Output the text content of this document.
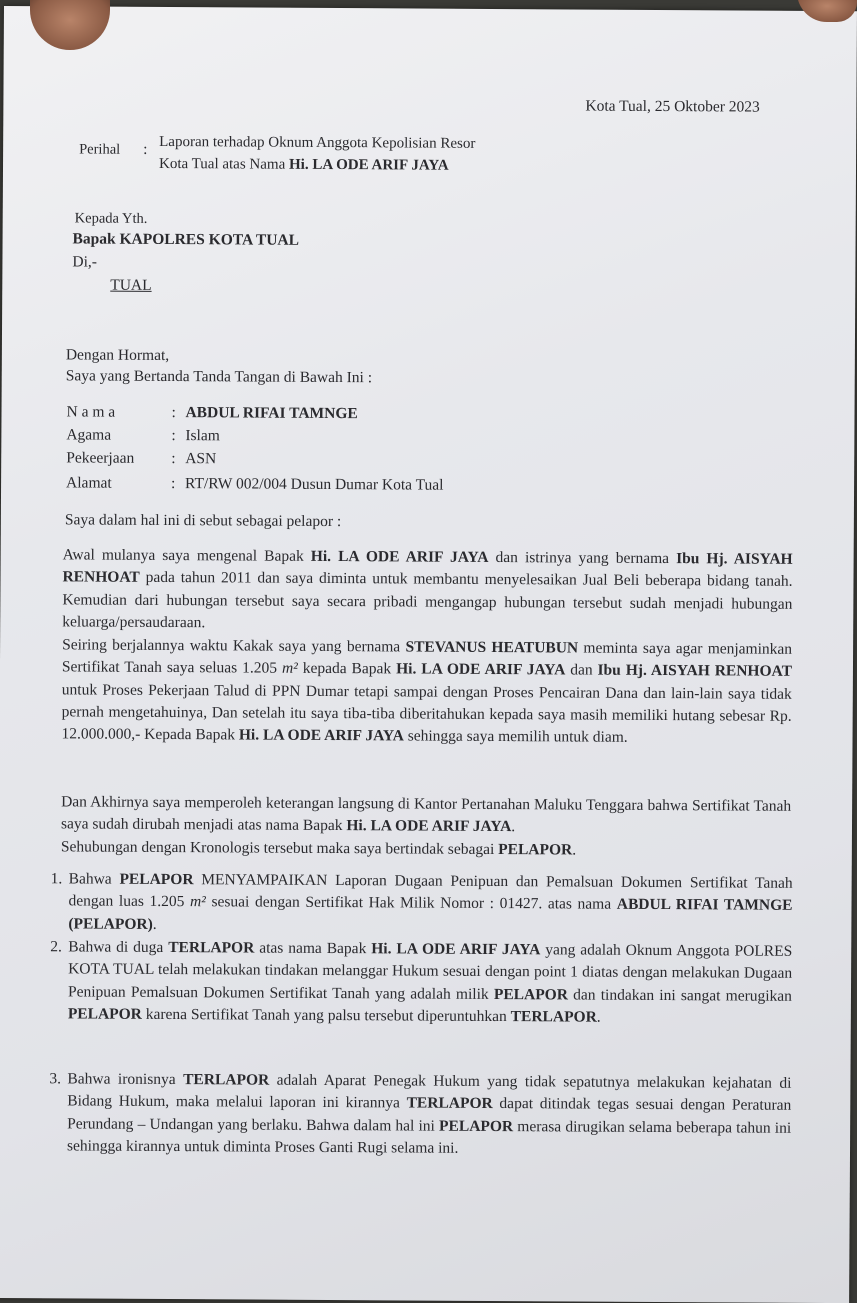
Kota Tual, 25 Oktober 2023
Perihal : Laporan terhadap Oknum Anggota Kepolisian Resor
Kota Tual atas Nama Hi. LA ODE ARIF JAYA
Kepada Yth.
Bapak KAPOLRES KOTA TUAL
Di,-
TUAL
Dengan Hormat,
Saya yang Bertanda Tanda Tangan di Bawah Ini :
N a m a	: ABDUL RIFAI TAMNGE
Agama	: Islam
Pekeerjaan : ASN
Alamat	: RT/RW 002/004 Dusun Dumar Kota Tual
Saya dalam hal ini di sebut sebagai pelapor :
Awal mulanya saya mengenal Bapak Hi. LA ODE ARIF JAYA dan istrinya yang bernama Ibu Hj. AISYAH RENHOAT pada tahun 2011 dan saya diminta untuk membantu menyelesaikan Jual Beli beberapa bidang tanah. Kemudian dari hubungan tersebut saya secara pribadi mengangap hubungan tersebut sudah menjadi hubungan keluarga/persaudaraan.
Seiring berjalannya waktu Kakak saya yang bernama STEVANUS HEATUBUN meminta saya agar menjaminkan Sertifikat Tanah saya seluas 1.205 m² kepada Bapak Hi. LA ODE ARIF JAYA dan Ibu Hj. AISYAH RENHOAT untuk Proses Pekerjaan Talud di PPN Dumar tetapi sampai dengan Proses Pencairan Dana dan lain-lain saya tidak pernah mengetahuinya, Dan setelah itu saya tiba-tiba diberitahukan kepada saya masih memiliki hutang sebesar Rp. 12.000.000,- Kepada Bapak Hi. LA ODE ARIF JAYA sehingga saya memilih untuk diam.
Dan Akhirnya saya memperoleh keterangan langsung di Kantor Pertanahan Maluku Tenggara bahwa Sertifikat Tanah saya sudah dirubah menjadi atas nama Bapak Hi. LA ODE ARIF JAYA.
Sehubungan dengan Kronologis tersebut maka saya bertindak sebagai PELAPOR.
1. Bahwa PELAPOR MENYAMPAIKAN Laporan Dugaan Penipuan dan Pemalsuan Dokumen Sertifikat Tanah dengan luas 1.205 m² sesuai dengan Sertifikat Hak Milik Nomor : 01427. atas nama ABDUL RIFAI TAMNGE (PELAPOR).
2. Bahwa di duga TERLAPOR atas nama Bapak Hi. LA ODE ARIF JAYA yang adalah Oknum Anggota POLRES KOTA TUAL telah melakukan tindakan melanggar Hukum sesuai dengan point 1 diatas dengan melakukan Dugaan Penipuan Pemalsuan Dokumen Sertifikat Tanah yang adalah milik PELAPOR dan tindakan ini sangat merugikan PELAPOR karena Sertifikat Tanah yang palsu tersebut diperuntuhkan TERLAPOR.
3. Bahwa ironisnya TERLAPOR adalah Aparat Penegak Hukum yang tidak sepatutnya melakukan kejahatan di Bidang Hukum, maka melalui laporan ini kirannya TERLAPOR dapat ditindak tegas sesuai dengan Peraturan Perundang – Undangan yang berlaku. Bahwa dalam hal ini PELAPOR merasa dirugikan selama beberapa tahun ini sehingga kirannya untuk diminta Proses Ganti Rugi selama ini.
